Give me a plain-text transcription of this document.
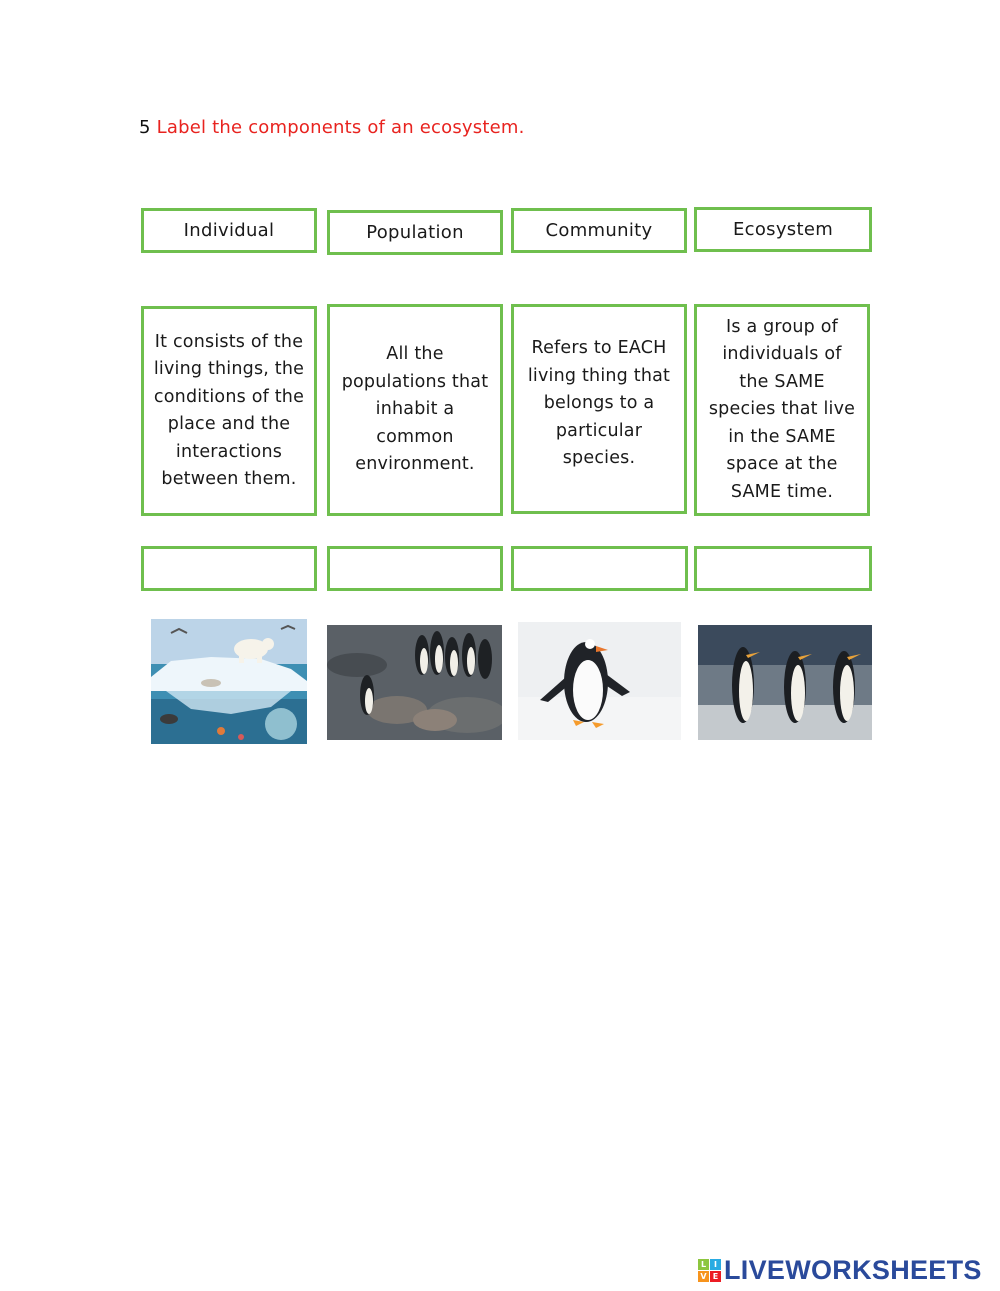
5 Label the components of an ecosystem.
Individual	Population	Community	Ecosystem
It consists of the living things, the conditions of the place and the interactions between them.
All the populations that inhabit a common environment.
Refers to EACH living thing that belongs to a particular species.
Is a group of individuals of the SAME species that live in the SAME space at the SAME time.
L I
V E LIVEWORKSHEETS
